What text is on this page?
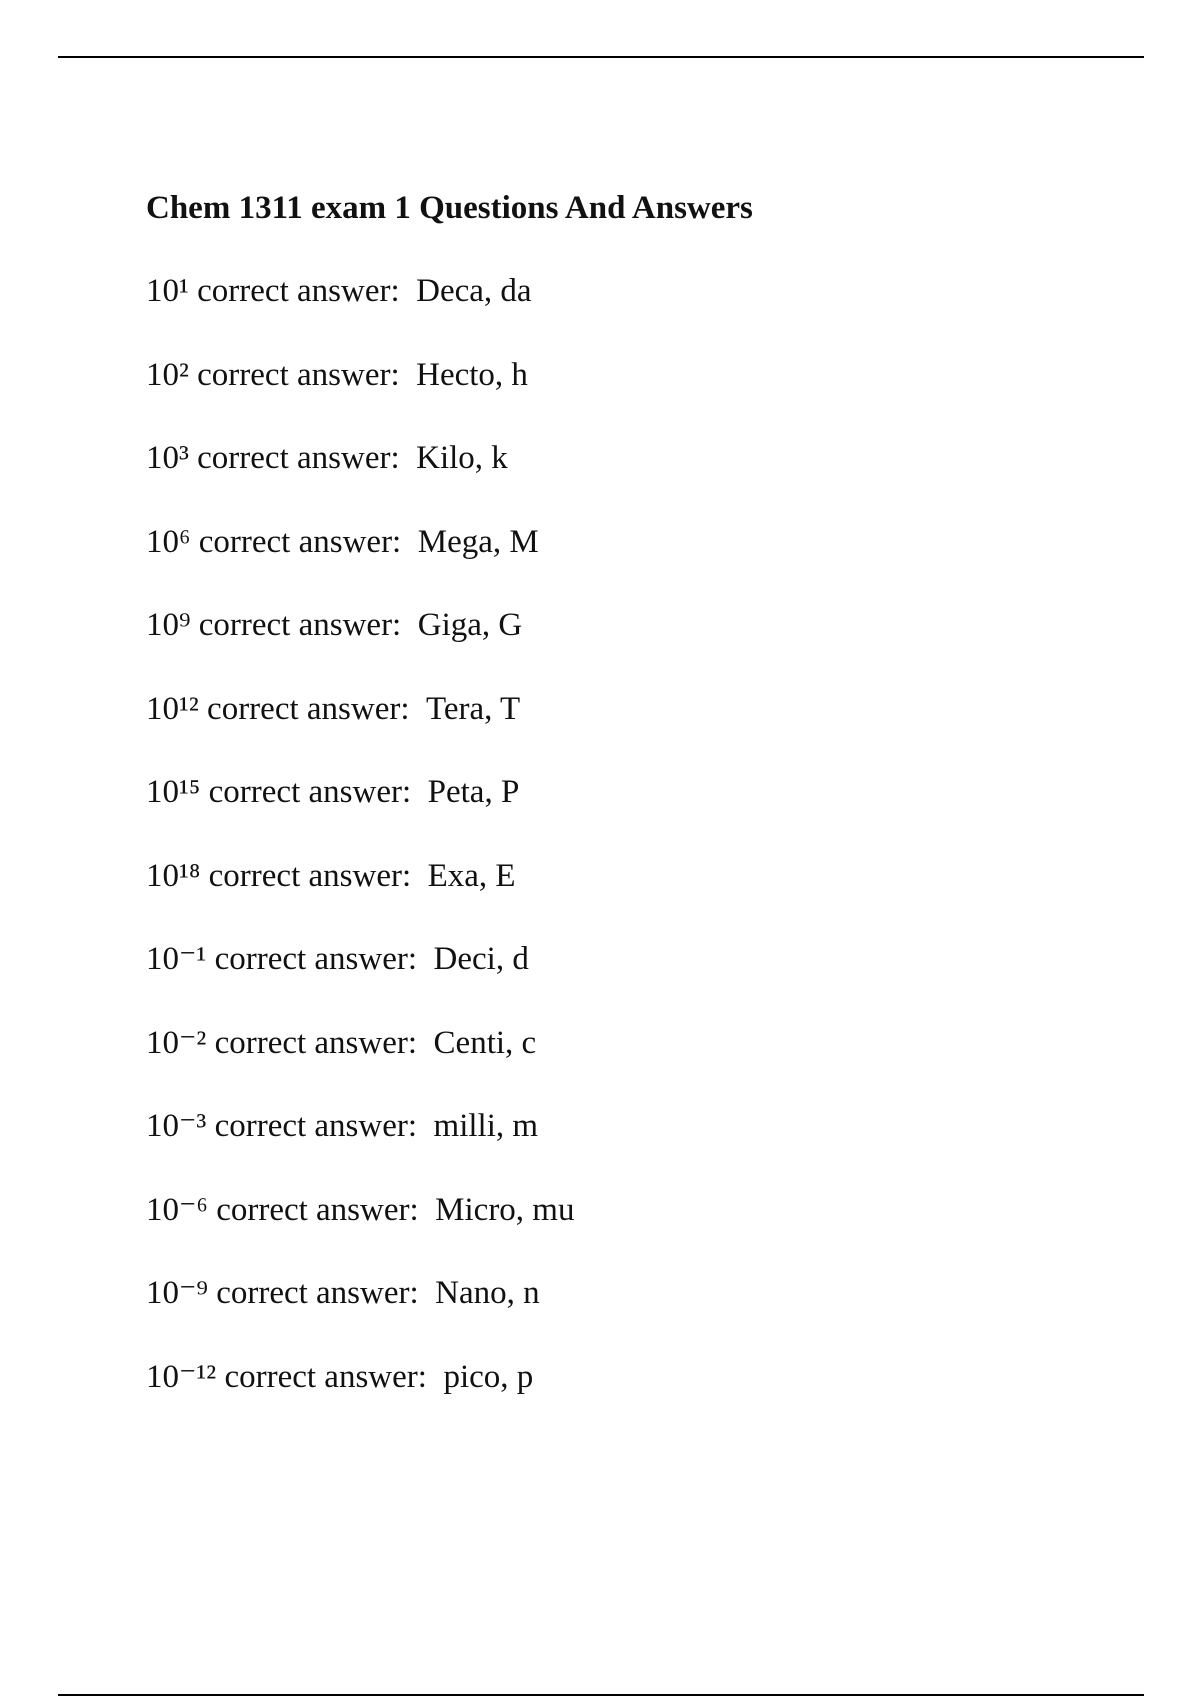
Chem 1311 exam 1 Questions And Answers
10¹ correct answer: Deca, da
10² correct answer: Hecto, h
10³ correct answer: Kilo, k
10⁶ correct answer: Mega, M
10⁹ correct answer: Giga, G
10¹² correct answer: Tera, T
10¹⁵ correct answer: Peta, P
10¹⁸ correct answer: Exa, E
10⁻¹ correct answer: Deci, d
10⁻² correct answer: Centi, c
10⁻³ correct answer: milli, m
10⁻⁶ correct answer: Micro, mu
10⁻⁹ correct answer: Nano, n
10⁻¹² correct answer: pico, p
